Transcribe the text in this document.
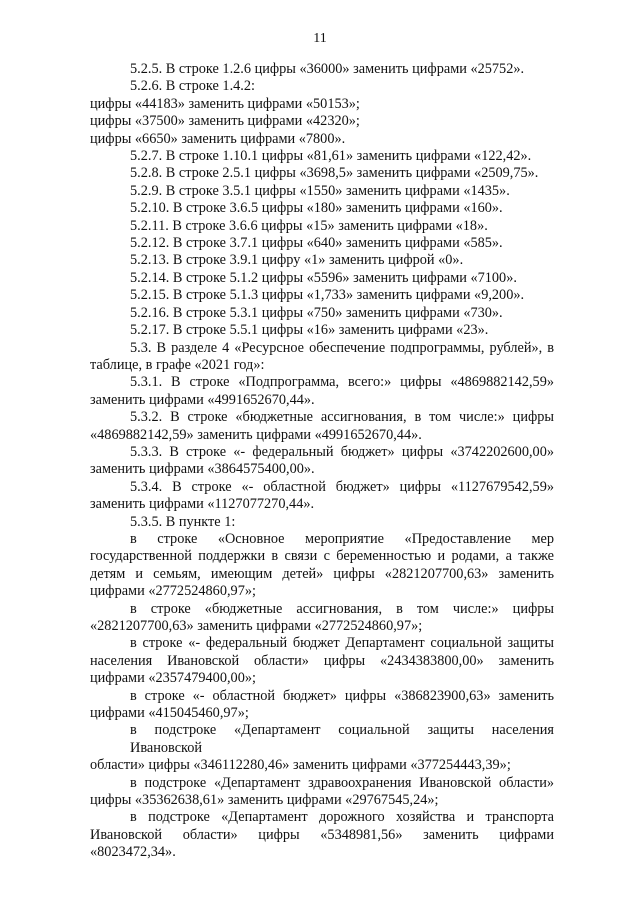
11
5.2.5. В строке 1.2.6 цифры «36000» заменить цифрами «25752».
5.2.6. В строке 1.4.2:
цифры «44183» заменить цифрами «50153»;
цифры «37500» заменить цифрами «42320»;
цифры «6650» заменить цифрами «7800».
5.2.7. В строке 1.10.1 цифры «81,61» заменить цифрами «122,42».
5.2.8. В строке 2.5.1 цифры «3698,5» заменить цифрами «2509,75».
5.2.9. В строке 3.5.1 цифры «1550» заменить цифрами «1435».
5.2.10. В строке 3.6.5 цифры «180» заменить цифрами «160».
5.2.11. В строке 3.6.6 цифры «15» заменить цифрами «18».
5.2.12. В строке 3.7.1 цифры «640» заменить цифрами «585».
5.2.13. В строке 3.9.1 цифру «1» заменить цифрой «0».
5.2.14. В строке 5.1.2 цифры «5596» заменить цифрами «7100».
5.2.15. В строке 5.1.3 цифры «1,733» заменить цифрами «9,200».
5.2.16. В строке 5.3.1 цифры «750» заменить цифрами «730».
5.2.17. В строке 5.5.1 цифры «16» заменить цифрами «23».
5.3. В разделе 4 «Ресурсное обеспечение подпрограммы, рублей», в
таблице, в графе «2021 год»:
5.3.1. В строке «Подпрограмма, всего:» цифры «4869882142,59»
заменить цифрами «4991652670,44».
5.3.2. В строке «бюджетные ассигнования, в том числе:» цифры
«4869882142,59» заменить цифрами «4991652670,44».
5.3.3. В строке «- федеральный бюджет» цифры «3742202600,00»
заменить цифрами «3864575400,00».
5.3.4. В строке «- областной бюджет» цифры «1127679542,59»
заменить цифрами «1127077270,44».
5.3.5. В пункте 1:
в строке «Основное мероприятие «Предоставление мер
государственной поддержки в связи с беременностью и родами, а также
детям и семьям, имеющим детей» цифры «2821207700,63» заменить
цифрами «2772524860,97»;
в строке «бюджетные ассигнования, в том числе:» цифры
«2821207700,63» заменить цифрами «2772524860,97»;
в строке «- федеральный бюджет Департамент социальной защиты
населения Ивановской области» цифры «2434383800,00» заменить
цифрами «2357479400,00»;
в строке «- областной бюджет» цифры «386823900,63» заменить
цифрами «415045460,97»;
в подстроке «Департамент социальной защиты населения Ивановской
области» цифры «346112280,46» заменить цифрами «377254443,39»;
в подстроке «Департамент здравоохранения Ивановской области»
цифры «35362638,61» заменить цифрами «29767545,24»;
в подстроке «Департамент дорожного хозяйства и транспорта
Ивановской области» цифры «5348981,56» заменить цифрами
«8023472,34».
